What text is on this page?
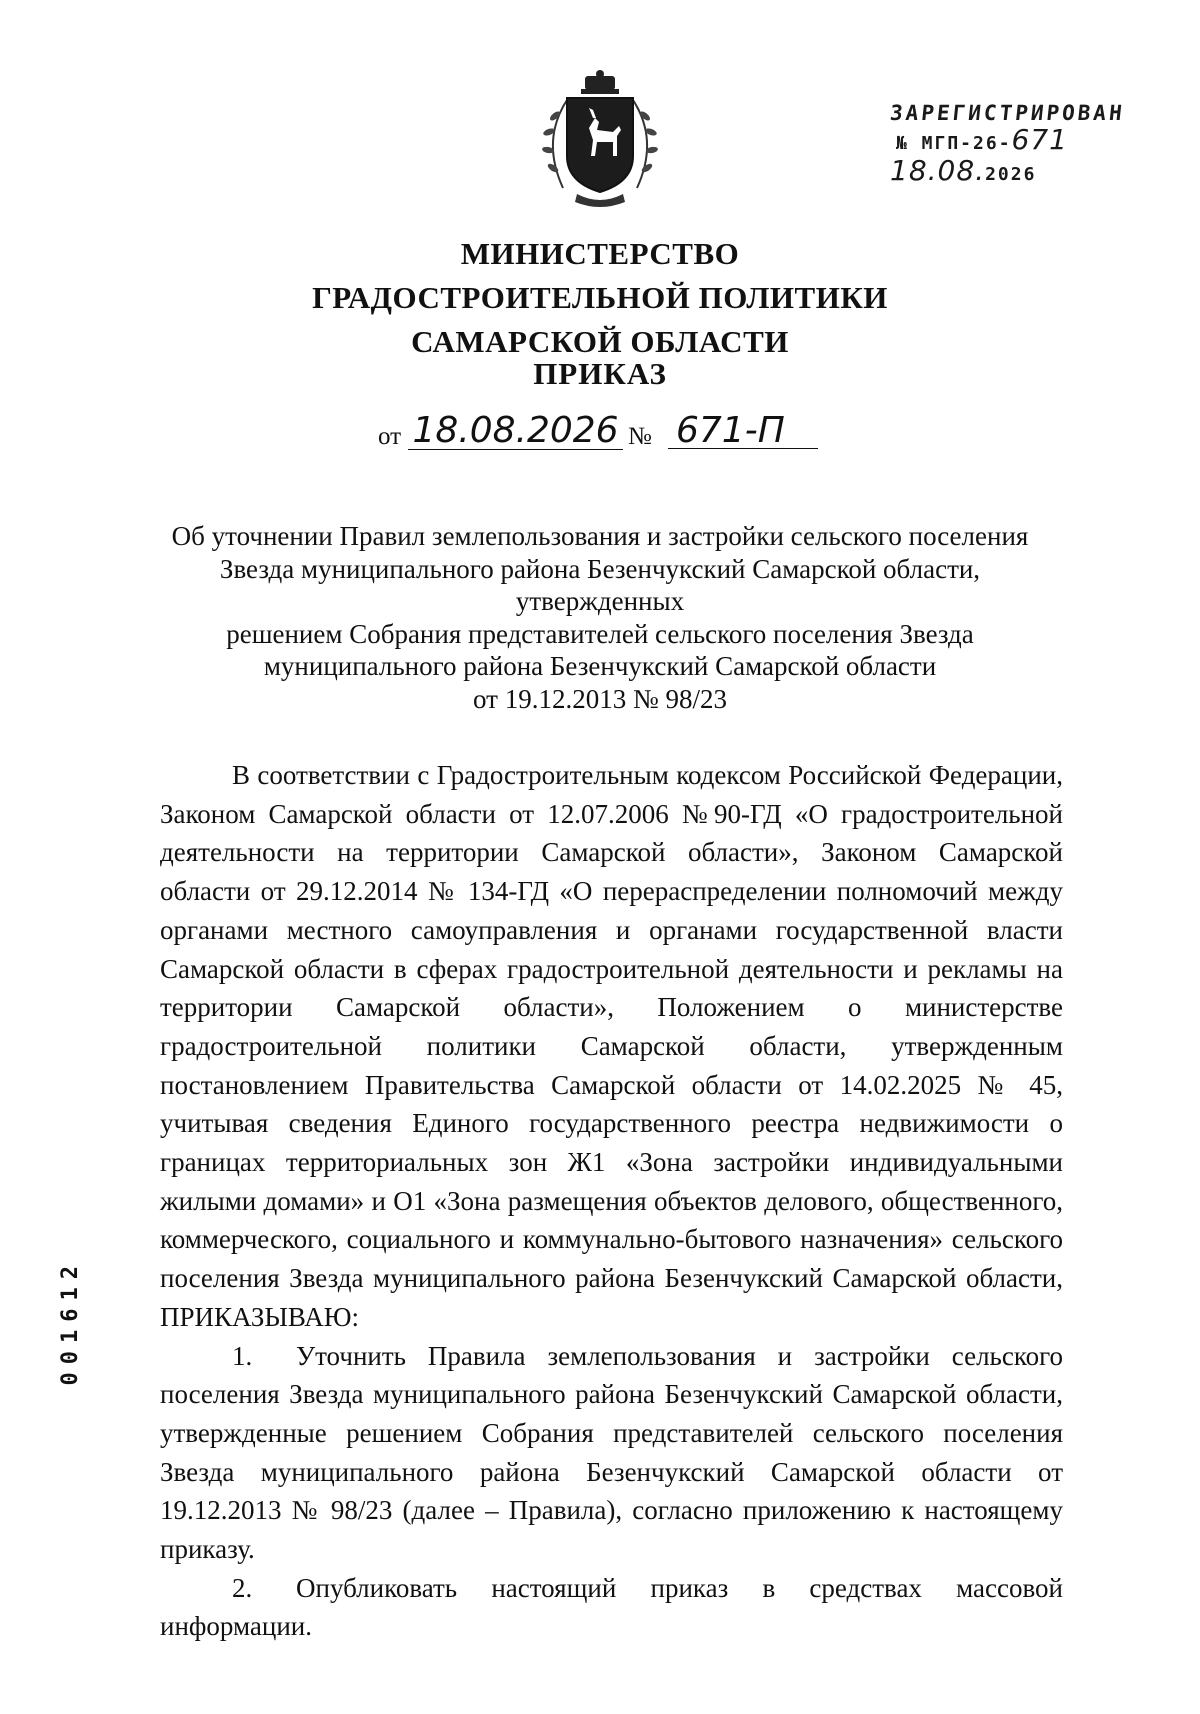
ЗАРЕГИСТРИРОВАН
№ МГП-26-671
18.08.2026
МИНИСТЕРСТВО
ГРАДОСТРОИТЕЛЬНОЙ ПОЛИТИКИ
САМАРСКОЙ ОБЛАСТИ
ПРИКАЗ
от 18.08.2026 № 671-П
Об уточнении Правил землепользования и застройки сельского поселения
Звезда муниципального района Безенчукский Самарской области, утвержденных
решением Собрания представителей сельского поселения Звезда
муниципального района Безенчукский Самарской области
от 19.12.2013 № 98/23

В соответствии с Градостроительным кодексом Российской Федерации, Законом Самарской области от 12.07.2006 №90-ГД «О градостроительной деятельности на территории Самарской области», Законом Самарской области от 29.12.2014 № 134-ГД «О перераспределении полномочий между органами местного самоуправления и органами государственной власти Самарской области в сферах градостроительной деятельности и рекламы на территории Самарской области», Положением о министерстве градостроительной политики Самарской области, утвержденным постановлением Правительства Самарской области от 14.02.2025 № 45, учитывая сведения Единого государственного реестра недвижимости о границах территориальных зон Ж1 «Зона застройки индивидуальными жилыми домами» и О1 «Зона размещения объектов делового, общественного, коммерческого, социального и коммунально-бытового назначения» сельского поселения Звезда муниципального района Безенчукский Самарской области, ПРИКАЗЫВАЮ:

1. Уточнить Правила землепользования и застройки сельского поселения Звезда муниципального района Безенчукский Самарской области, утвержденные решением Собрания представителей сельского поселения Звезда муниципального района Безенчукский Самарской области от 19.12.2013 № 98/23 (далее – Правила), согласно приложению к настоящему приказу.

2. Опубликовать настоящий приказ в средствах массовой информации.

001612
